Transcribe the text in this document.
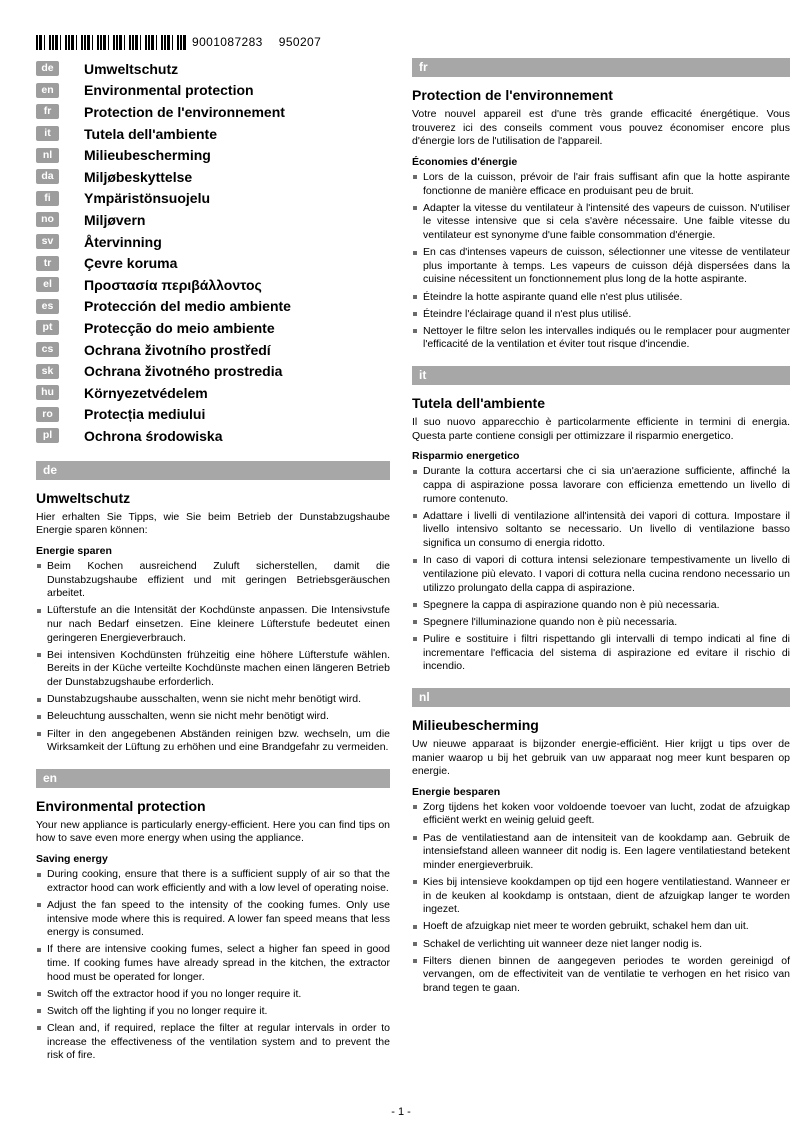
9001087283 950207
de	Umweltschutz
en	Environmental protection
fr	Protection de l'environnement
it	Tutela dell'ambiente
nl	Milieubescherming
da	Miljøbeskyttelse
fi	Ympäristönsuojelu
no	Miljøvern
sv	Återvinning
tr	Çevre koruma
el	Προστασία περιβάλλοντος
es	Protección del medio ambiente
pt	Protecção do meio ambiente
cs	Ochrana životního prostředí
sk	Ochrana životného prostredia
hu	Környezetvédelem
ro	Protecția mediului
pl	Ochrona środowiska
de
Umweltschutz

Hier erhalten Sie Tipps, wie Sie beim Betrieb der Dunstabzugshaube Energie sparen können:

Energie sparen
Beim Kochen ausreichend Zuluft sicherstellen, damit die Dunstabzugshaube effizient und mit geringen Betriebsgeräuschen arbeitet.
Lüfterstufe an die Intensität der Kochdünste anpassen. Die Intensivstufe nur nach Bedarf einsetzen. Eine kleinere Lüfterstufe bedeutet einen geringeren Energieverbrauch.
Bei intensiven Kochdünsten frühzeitig eine höhere Lüfterstufe wählen. Bereits in der Küche verteilte Kochdünste machen einen längeren Betrieb der Dunstabzugshaube erforderlich.
Dunstabzugshaube ausschalten, wenn sie nicht mehr benötigt wird.
Beleuchtung ausschalten, wenn sie nicht mehr benötigt wird.
Filter in den angegebenen Abständen reinigen bzw. wechseln, um die Wirksamkeit der Lüftung zu erhöhen und eine Brandgefahr zu vermeiden.
en
Environmental protection

Your new appliance is particularly energy-efficient. Here you can find tips on how to save even more energy when using the appliance.

Saving energy
During cooking, ensure that there is a sufficient supply of air so that the extractor hood can work efficiently and with a low level of operating noise.
Adjust the fan speed to the intensity of the cooking fumes. Only use intensive mode where this is required. A lower fan speed means that less energy is consumed.
If there are intensive cooking fumes, select a higher fan speed in good time. If cooking fumes have already spread in the kitchen, the extractor hood must be operated for longer.
Switch off the extractor hood if you no longer require it.
Switch off the lighting if you no longer require it.
Clean and, if required, replace the filter at regular intervals in order to increase the effectiveness of the ventilation system and to prevent the risk of fire.
fr
Protection de l'environnement

Votre nouvel appareil est d'une très grande efficacité énergétique. Vous trouverez ici des conseils comment vous pouvez économiser encore plus d'énergie lors de l'utilisation de l'appareil.

Économies d'énergie
Lors de la cuisson, prévoir de l'air frais suffisant afin que la hotte aspirante fonctionne de manière efficace en produisant peu de bruit.
Adapter la vitesse du ventilateur à l'intensité des vapeurs de cuisson. N'utiliser le vitesse intensive que si cela s'avère nécessaire. Une faible vitesse du ventilateur est synonyme d'une faible consommation d'énergie.
En cas d'intenses vapeurs de cuisson, sélectionner une vitesse de ventilateur plus importante à temps. Les vapeurs de cuisson déjà dispersées dans la cuisine nécessitent un fonctionnement plus long de la hotte aspirante.
Éteindre la hotte aspirante quand elle n'est plus utilisée.
Éteindre l'éclairage quand il n'est plus utilisé.
Nettoyer le filtre selon les intervalles indiqués ou le remplacer pour augmenter l'efficacité de la ventilation et éviter tout risque d'incendie.
it
Tutela dell'ambiente

Il suo nuovo apparecchio è particolarmente efficiente in termini di energia. Questa parte contiene consigli per ottimizzare il risparmio energetico.

Risparmio energetico
Durante la cottura accertarsi che ci sia un'aerazione sufficiente, affinché la cappa di aspirazione possa lavorare con efficienza emettendo un livello di rumore contenuto.
Adattare i livelli di ventilazione all'intensità dei vapori di cottura. Impostare il livello intensivo soltanto se necessario. Un livello di ventilazione basso significa un consumo di energia ridotto.
In caso di vapori di cottura intensi selezionare tempestivamente un livello di ventilazione più elevato. I vapori di cottura nella cucina rendono necessario un utilizzo prolungato della cappa di aspirazione.
Spegnere la cappa di aspirazione quando non è più necessaria.
Spegnere l'illuminazione quando non è più necessaria.
Pulire e sostituire i filtri rispettando gli intervalli di tempo indicati al fine di incrementare l'efficacia del sistema di aspirazione ed evitare il rischio di incendio.
nl
Milieubescherming

Uw nieuwe apparaat is bijzonder energie-efficiënt. Hier krijgt u tips over de manier waarop u bij het gebruik van uw apparaat nog meer kunt besparen op energie.

Energie besparen
Zorg tijdens het koken voor voldoende toevoer van lucht, zodat de afzuigkap efficiënt werkt en weinig geluid geeft.
Pas de ventilatiestand aan de intensiteit van de kookdamp aan. Gebruik de intensiefstand alleen wanneer dit nodig is. Een lagere ventilatiestand betekent minder energieverbruik.
Kies bij intensieve kookdampen op tijd een hogere ventilatiestand. Wanneer er in de keuken al kookdamp is ontstaan, dient de afzuigkap langer te worden ingezet.
Hoeft de afzuigkap niet meer te worden gebruikt, schakel hem dan uit.
Schakel de verlichting uit wanneer deze niet langer nodig is.
Filters dienen binnen de aangegeven periodes te worden gereinigd of vervangen, om de effectiviteit van de ventilatie te verhogen en het risico van brand tegen te gaan.
- 1 -
